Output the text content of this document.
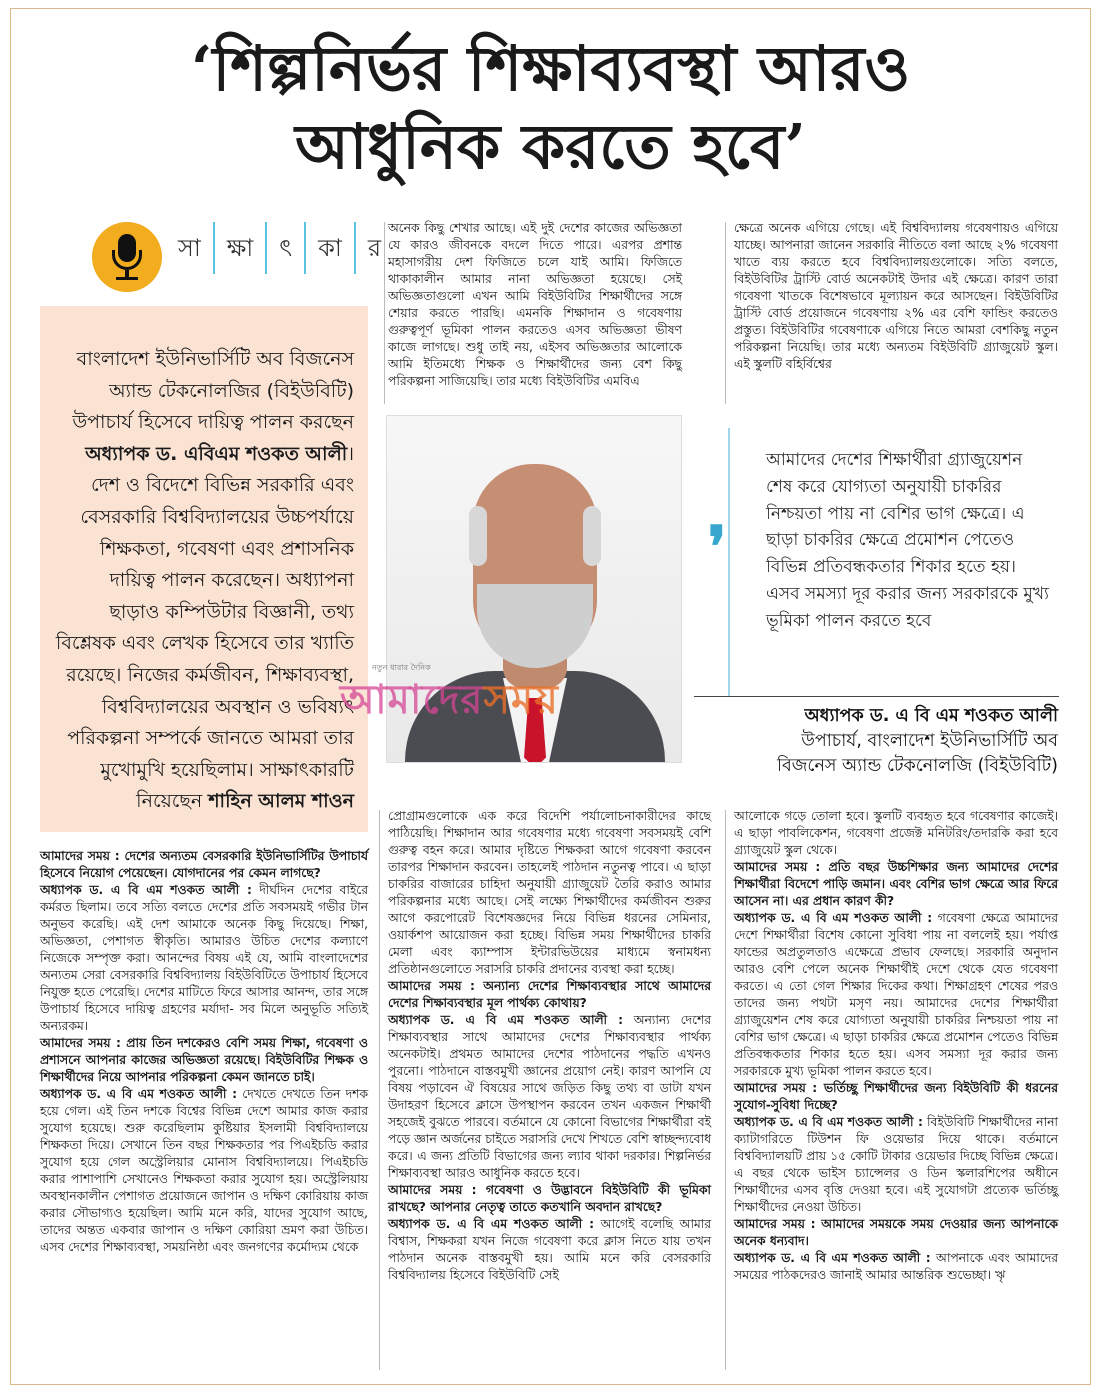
‘শিল্পনির্ভর শিক্ষাব্যবস্থা আরও
আধুনিক করতে হবে’
সা	ক্ষা	ৎ	কা	র
বাংলাদেশ ইউনিভার্সিটি অব বিজনেস অ্যান্ড টেকনোলজির (বিইউবিটি) উপাচার্য হিসেবে দায়িত্ব পালন করছেন অধ্যাপক ড. এবিএম শওকত আলী। দেশ ও বিদেশে বিভিন্ন সরকারি এবং বেসরকারি বিশ্ববিদ্যালয়ের উচ্চপর্যায়ে শিক্ষকতা, গবেষণা এবং প্রশাসনিক দায়িত্ব পালন করেছেন। অধ্যাপনা ছাড়াও কম্পিউটার বিজ্ঞানী, তথ্য বিশ্লেষক এবং লেখক হিসেবে তার খ্যাতি রয়েছে। নিজের কর্মজীবন, শিক্ষাব্যবস্থা, বিশ্ববিদ্যালয়ের অবস্থান ও ভবিষ্যৎ পরিকল্পনা সম্পর্কে জানতে আমরা তার মুখোমুখি হয়েছিলাম। সাক্ষাৎকারটি নিয়েছেন শাহিন আলম শাওন

অনেক কিছু শেখার আছে। এই দুই দেশের কাজের অভিজ্ঞতা যে কারও জীবনকে বদলে দিতে পারে। এরপর প্রশান্ত মহাসাগরীয় দেশ ফিজিতে চলে যাই আমি। ফিজিতে থাকাকালীন আমার নানা অভিজ্ঞতা হয়েছে। সেই অভিজ্ঞতাগুলো এখন আমি বিইউবিটির শিক্ষার্থীদের সঙ্গে শেয়ার করতে পারছি। এমনকি শিক্ষাদান ও গবেষণায় গুরুত্বপূর্ণ ভূমিকা পালন করতেও এসব অভিজ্ঞতা ভীষণ কাজে লাগছে। শুধু তাই নয়, এইসব অভিজ্ঞতার আলোকে আমি ইতিমধ্যে শিক্ষক ও শিক্ষার্থীদের জন্য বেশ কিছু পরিকল্পনা সাজিয়েছি। তার মধ্যে বিইউবিটির এমবিএ

ক্ষেত্রে অনেক এগিয়ে গেছে। এই বিশ্ববিদ্যালয় গবেষণায়ও এগিয়ে যাচ্ছে। আপনারা জানেন সরকারি নীতিতে বলা আছে ২% গবেষণা খাতে ব্যয় করতে হবে বিশ্ববিদ্যালয়গুলোকে। সত্যি বলতে, বিইউবিটির ট্রাস্টি বোর্ড অনেকটাই উদার এই ক্ষেত্রে। কারণ তারা গবেষণা খাতকে বিশেষভাবে মূল্যায়ন করে আসছেন। বিইউবিটির ট্রাস্টি বোর্ড প্রয়োজনে গবেষণায় ২% এর বেশি ফান্ডিং করতেও প্রস্তুত। বিইউবিটির গবেষণাকে এগিয়ে নিতে আমরা বেশকিছু নতুন পরিকল্পনা নিয়েছি। তার মধ্যে অন্যতম বিইউবিটি গ্র্যাজুয়েট স্কুল। এই স্কুলটি বহির্বিশ্বের

নতুন ধারার দৈনিক
আমাদেরসময়
❜
আমাদের দেশের শিক্ষার্থীরা গ্র্যাজুয়েশন শেষ করে যোগ্যতা অনুযায়ী চাকরির নিশ্চয়তা পায় না বেশির ভাগ ক্ষেত্রে। এ ছাড়া চাকরির ক্ষেত্রে প্রমোশন পেতেও বিভিন্ন প্রতিবন্ধকতার শিকার হতে হয়। এসব সমস্যা দূর করার জন্য সরকারকে মুখ্য ভূমিকা পালন করতে হবে
অধ্যাপক ড. এ বি এম শওকত আলী
উপাচার্য, বাংলাদেশ ইউনিভার্সিটি অব
বিজনেস অ্যান্ড টেকনোলজি (বিইউবিটি)

আমাদের সময় : দেশের অন্যতম বেসরকারি ইউনিভার্সিটির উপাচার্য হিসেবে নিয়োগ পেয়েছেন। যোগদানের পর কেমন লাগছে?

অধ্যাপক ড. এ বি এম শওকত আলী : দীর্ঘদিন দেশের বাইরে কর্মরত ছিলাম। তবে সত্যি বলতে দেশের প্রতি সবসময়ই গভীর টান অনুভব করেছি। এই দেশ আমাকে অনেক কিছু দিয়েছে। শিক্ষা, অভিজ্ঞতা, পেশাগত স্বীকৃতি। আমারও উচিত দেশের কল্যাণে নিজেকে সম্পৃক্ত করা। আনন্দের বিষয় এই যে, আমি বাংলাদেশের অন্যতম সেরা বেসরকারি বিশ্ববিদ্যালয় বিইউবিটিতে উপাচার্য হিসেবে নিযুক্ত হতে পেরেছি। দেশের মাটিতে ফিরে আসার আনন্দ, তার সঙ্গে উপাচার্য হিসেবে দায়িত্ব গ্রহণের মর্যাদা- সব মিলে অনুভূতি সত্যিই অন্যরকম।

আমাদের সময় : প্রায় তিন দশকেরও বেশি সময় শিক্ষা, গবেষণা ও প্রশাসনে আপনার কাজের অভিজ্ঞতা রয়েছে। বিইউবিটির শিক্ষক ও শিক্ষার্থীদের নিয়ে আপনার পরিকল্পনা কেমন জানতে চাই।

অধ্যাপক ড. এ বি এম শওকত আলী : দেখতে দেখতে তিন দশক হয়ে গেল। এই তিন দশকে বিশ্বের বিভিন্ন দেশে আমার কাজ করার সুযোগ হয়েছে। শুরু করেছিলাম কুষ্টিয়ার ইসলামী বিশ্ববিদ্যালয়ে শিক্ষকতা দিয়ে। সেখানে তিন বছর শিক্ষকতার পর পিএইচডি করার সুযোগ হয়ে গেল অস্ট্রেলিয়ার মোনাস বিশ্ববিদ্যালয়ে। পিএইচডি করার পাশাপাশি সেখানেও শিক্ষকতা করার সুযোগ হয়। অস্ট্রেলিয়ায় অবস্থানকালীন পেশাগত প্রয়োজনে জাপান ও দক্ষিণ কোরিয়ায় কাজ করার সৌভাগ্যও হয়েছিল। আমি মনে করি, যাদের সুযোগ আছে, তাদের অন্তত একবার জাপান ও দক্ষিণ কোরিয়া ভ্রমণ করা উচিত। এসব দেশের শিক্ষাব্যবস্থা, সময়নিষ্ঠা এবং জনগণের কর্মোদ্যম থেকে

প্রোগ্রামগুলোকে এক করে বিদেশি পর্যালোচনাকারীদের কাছে পাঠিয়েছি। শিক্ষাদান আর গবেষণার মধ্যে গবেষণা সবসময়ই বেশি গুরুত্ব বহন করে। আমার দৃষ্টিতে শিক্ষকরা আগে গবেষণা করবেন তারপর শিক্ষাদান করবেন। তাহলেই পাঠদান নতুনত্ব পাবে। এ ছাড়া চাকরির বাজারের চাহিদা অনুযায়ী গ্র্যাজুয়েট তৈরি করাও আমার পরিকল্পনার মধ্যে আছে। সেই লক্ষ্যে শিক্ষার্থীদের কর্মজীবন শুরুর আগে করপোরেট বিশেষজ্ঞদের নিয়ে বিভিন্ন ধরনের সেমিনার, ওয়ার্কশপ আয়োজন করা হচ্ছে। বিভিন্ন সময় শিক্ষার্থীদের চাকরি মেলা এবং ক্যাম্পাস ইন্টারভিউয়ের মাধ্যমে স্বনামধন্য প্রতিষ্ঠানগুলোতে সরাসরি চাকরি প্রদানের ব্যবস্থা করা হচ্ছে।

আমাদের সময় : অন্যান্য দেশের শিক্ষাব্যবস্থার সাথে আমাদের দেশের শিক্ষাব্যবস্থার মূল পার্থক্য কোথায়?

অধ্যাপক ড. এ বি এম শওকত আলী : অন্যান্য দেশের শিক্ষাব্যবস্থার সাথে আমাদের দেশের শিক্ষাব্যবস্থার পার্থক্য অনেকটাই। প্রথমত আমাদের দেশের পাঠদানের পদ্ধতি এখনও পুরনো। পাঠদানে বাস্তবমুখী জ্ঞানের প্রয়োগ নেই। কারণ আপনি যে বিষয় পড়াবেন ঐ বিষয়ের সাথে জড়িত কিছু তথ্য বা ডাটা যখন উদাহরণ হিসেবে ক্লাসে উপস্থাপন করবেন তখন একজন শিক্ষার্থী সহজেই বুঝতে পারবে। বর্তমানে যে কোনো বিভাগের শিক্ষার্থীরা বই পড়ে জ্ঞান অর্জনের চাইতে সরাসরি দেখে শিখতে বেশি স্বাচ্ছন্দ্যবোধ করে। এ জন্য প্রতিটি বিভাগের জন্য ল্যাব থাকা দরকার। শিল্পনির্ভর শিক্ষাব্যবস্থা আরও আধুনিক করতে হবে।

আমাদের সময় : গবেষণা ও উদ্ভাবনে বিইউবিটি কী ভূমিকা রাখছে? আপনার নেতৃত্ব তাতে কতখানি অবদান রাখছে?

অধ্যাপক ড. এ বি এম শওকত আলী : আগেই বলেছি আমার বিশ্বাস, শিক্ষকরা যখন নিজে গবেষণা করে ক্লাস নিতে যায় তখন পাঠদান অনেক বাস্তবমুখী হয়। আমি মনে করি বেসরকারি বিশ্ববিদ্যালয় হিসেবে বিইউবিটি সেই

আলোকে গড়ে তোলা হবে। স্কুলটি ব্যবহৃত হবে গবেষণার কাজেই। এ ছাড়া পাবলিকেশন, গবেষণা প্রজেক্ট মনিটরিং/তদারকি করা হবে গ্র্যাজুয়েট স্কুল থেকে।

আমাদের সময় : প্রতি বছর উচ্চশিক্ষার জন্য আমাদের দেশের শিক্ষার্থীরা বিদেশে পাড়ি জমান। এবং বেশির ভাগ ক্ষেত্রে আর ফিরে আসেন না। এর প্রধান কারণ কী?

অধ্যাপক ড. এ বি এম শওকত আলী : গবেষণা ক্ষেত্রে আমাদের দেশে শিক্ষার্থীরা বিশেষ কোনো সুবিধা পায় না বললেই হয়। পর্যাপ্ত ফান্ডের অপ্রতুলতাও এক্ষেত্রে প্রভাব ফেলছে। সরকারি অনুদান আরও বেশি পেলে অনেক শিক্ষার্থীই দেশে থেকে যেত গবেষণা করতে। এ তো গেল শিক্ষার দিকের কথা। শিক্ষাগ্রহণ শেষের পরও তাদের জন্য পথটা মসৃণ নয়। আমাদের দেশের শিক্ষার্থীরা গ্র্যাজুয়েশন শেষ করে যোগ্যতা অনুযায়ী চাকরির নিশ্চয়তা পায় না বেশির ভাগ ক্ষেত্রে। এ ছাড়া চাকরির ক্ষেত্রে প্রমোশন পেতেও বিভিন্ন প্রতিবন্ধকতার শিকার হতে হয়। এসব সমস্যা দূর করার জন্য সরকারকে মুখ্য ভূমিকা পালন করতে হবে।

আমাদের সময় : ভর্তিচ্ছু শিক্ষার্থীদের জন্য বিইউবিটি কী ধরনের সুযোগ-সুবিধা দিচ্ছে?

অধ্যাপক ড. এ বি এম শওকত আলী : বিইউবিটি শিক্ষার্থীদের নানা ক্যাটাগরিতে টিউশন ফি ওয়েভার দিয়ে থাকে। বর্তমানে বিশ্ববিদ্যালয়টি প্রায় ১৫ কোটি টাকার ওয়েভার দিচ্ছে বিভিন্ন ক্ষেত্রে। এ বছর থেকে ভাইস চ্যান্সেলর ও ডিন স্কলারশিপের অধীনে শিক্ষার্থীদের এসব বৃত্তি দেওয়া হবে। এই সুযোগটা প্রত্যেক ভর্তিচ্ছু শিক্ষার্থীদের নেওয়া উচিত।

আমাদের সময় : আমাদের সময়কে সময় দেওয়ার জন্য আপনাকে অনেক ধন্যবাদ।

অধ্যাপক ড. এ বি এম শওকত আলী : আপনাকে এবং আমাদের সময়ের পাঠকদেরও জানাই আমার আন্তরিক শুভেচ্ছা। ৠ
